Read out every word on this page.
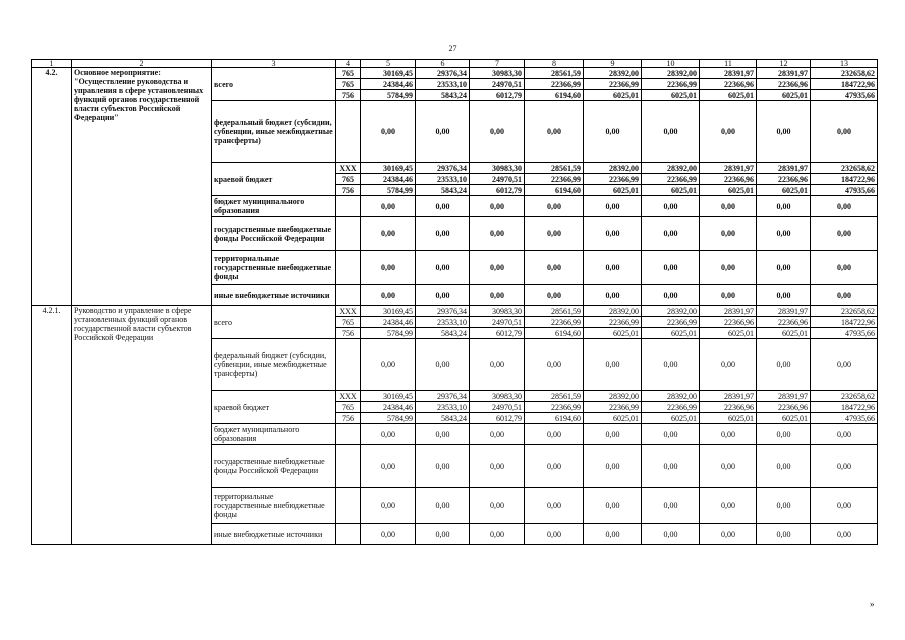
27
1	2	3	4	5	6	7	8	9	10	11	12	13
4.2.	Основное мероприятие: "Осуществление руководства и управления в сфере установленных функций органов государственной власти субъектов Российской Федерации"	всего	765	30169,45	29376,34	30983,30	28561,59	28392,00	28392,00	28391,97	28391,97	232658,62
			765	24384,46	23533,10	24970,51	22366,99	22366,99	22366,99	22366,96	22366,96	184722,96
			756	5784,99	5843,24	6012,79	6194,60	6025,01	6025,01	6025,01	6025,01	47935,66
		федеральный бюджет (субсидии, субвенции, иные межбюджетные трансферты)		0,00	0,00	0,00	0,00	0,00	0,00	0,00	0,00	0,00
		краевой бюджет	XXX	30169,45	29376,34	30983,30	28561,59	28392,00	28392,00	28391,97	28391,97	232658,62
			765	24384,46	23533,10	24970,51	22366,99	22366,99	22366,99	22366,96	22366,96	184722,96
			756	5784,99	5843,24	6012,79	6194,60	6025,01	6025,01	6025,01	6025,01	47935,66
		бюджет муниципального образования		0,00	0,00	0,00	0,00	0,00	0,00	0,00	0,00	0,00
		государственные внебюджетные фонды Российской Федерации		0,00	0,00	0,00	0,00	0,00	0,00	0,00	0,00	0,00
		территориальные государственные внебюджетные фонды		0,00	0,00	0,00	0,00	0,00	0,00	0,00	0,00	0,00
		иные внебюджетные источники		0,00	0,00	0,00	0,00	0,00	0,00	0,00	0,00	0,00
4.2.1.	Руководство и управление в сфере установленных функций органов государственной власти субъектов Российской Федерации	всего	XXX	30169,45	29376,34	30983,30	28561,59	28392,00	28392,00	28391,97	28391,97	232658,62
			765	24384,46	23533,10	24970,51	22366,99	22366,99	22366,99	22366,96	22366,96	184722,96
			756	5784,99	5843,24	6012,79	6194,60	6025,01	6025,01	6025,01	6025,01	47935,66
		федеральный бюджет (субсидии, субвенции, иные межбюджетные трансферты)		0,00	0,00	0,00	0,00	0,00	0,00	0,00	0,00	0,00
		краевой бюджет	XXX	30169,45	29376,34	30983,30	28561,59	28392,00	28392,00	28391,97	28391,97	232658,62
			765	24384,46	23533,10	24970,51	22366,99	22366,99	22366,99	22366,96	22366,96	184722,96
			756	5784,99	5843,24	6012,79	6194,60	6025,01	6025,01	6025,01	6025,01	47935,66
		бюджет муниципального образования		0,00	0,00	0,00	0,00	0,00	0,00	0,00	0,00	0,00
		государственные внебюджетные фонды Российской Федерации		0,00	0,00	0,00	0,00	0,00	0,00	0,00	0,00	0,00
		территориальные государственные внебюджетные фонды		0,00	0,00	0,00	0,00	0,00	0,00	0,00	0,00	0,00
		иные внебюджетные источники		0,00	0,00	0,00	0,00	0,00	0,00	0,00	0,00	0,00
»
